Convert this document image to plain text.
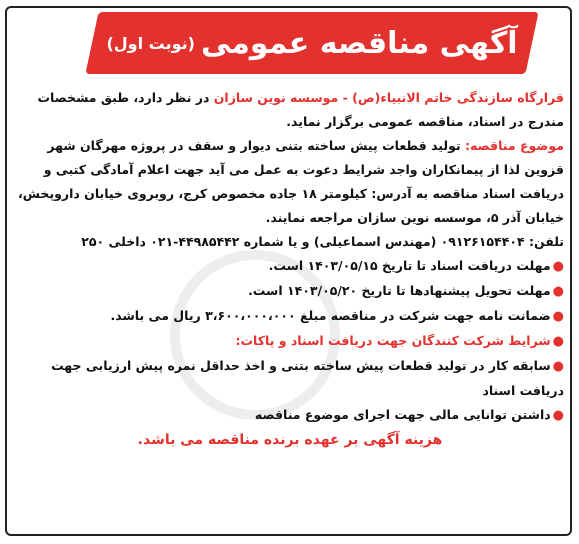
آگهی مناقصه عمومی
(نوبت اول)

قرارگاه سازندگی خاتم الانبیاء(ص) - موسسه نوین سازان در نظر دارد، طبق مشخصات مندرج در اسناد، مناقصه عمومی برگزار نماید.

موضوع مناقصه: تولید قطعات پیش ساخته بتنی دیوار و سقف در پروژه مهرگان شهر قزوین لذا از پیمانکاران واجد شرایط دعوت به عمل می آید جهت اعلام آمادگی کتبی و دریافت اسناد مناقصه به آدرس: کیلومتر ۱۸ جاده مخصوص کرج، روبروی خیابان داروپخش، خیابان آذر ۵، موسسه نوین سازان مراجعه نمایند.

تلفن: ۰۹۱۲۶۱۵۴۴۰۴ (مهندس اسماعیلی) و یا شماره ۴۴۹۸۵۴۴۲-۰۲۱ داخلی ۲۵۰

●مهلت دریافت اسناد تا تاریخ ۱۴۰۳/۰۵/۱۵ است.

●مهلت تحویل پیشنهادها تا تاریخ ۱۴۰۳/۰۵/۲۰ است.

●ضمانت نامه جهت شرکت در مناقصه مبلغ ۳،۶۰۰،۰۰۰،۰۰۰ ریال می باشد.

●شرایط شرکت کنندگان جهت دریافت اسناد و پاکات:

●سابقه کار در تولید قطعات پیش ساخته بتنی و اخذ حداقل نمره پیش ارزیابی جهت دریافت اسناد

●داشتن توانایی مالی جهت اجرای موضوع مناقصه

هزینه آگهی بر عهده برنده مناقصه می باشد.
